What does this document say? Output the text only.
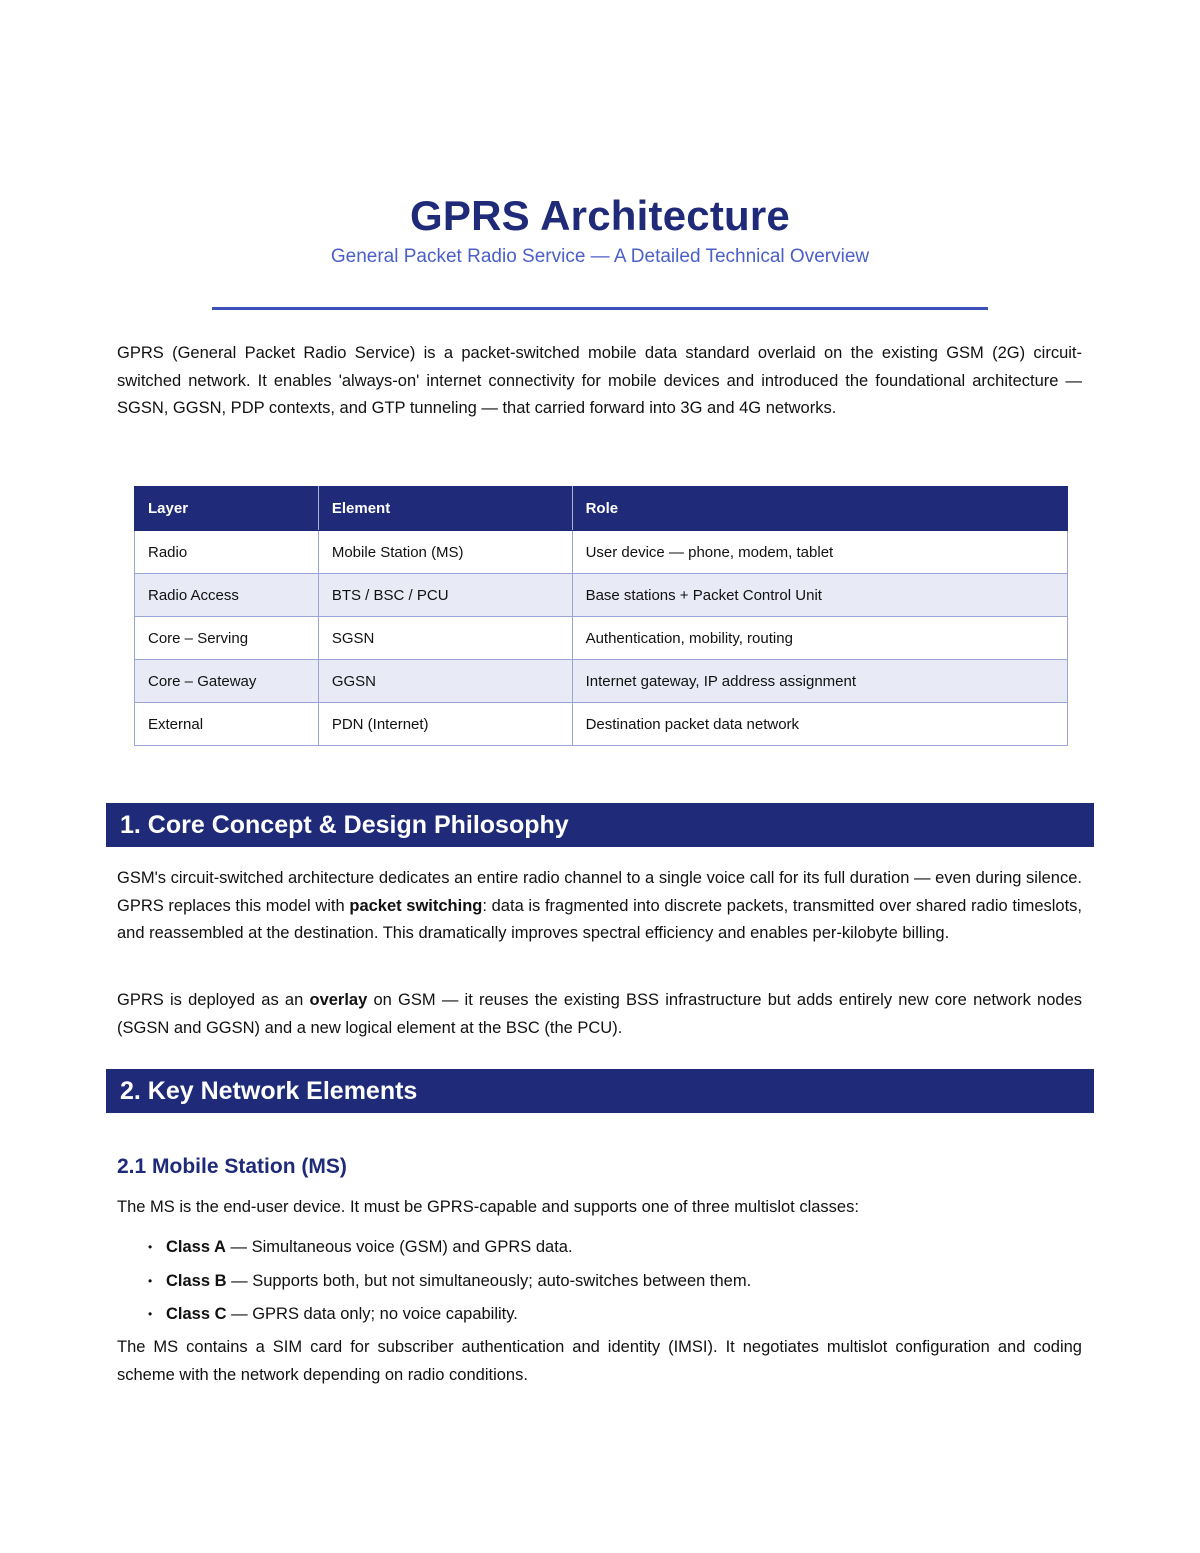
GPRS Architecture
General Packet Radio Service — A Detailed Technical Overview

GPRS (General Packet Radio Service) is a packet-switched mobile data standard overlaid on the existing GSM (2G) circuit-switched network. It enables 'always-on' internet connectivity for mobile devices and introduced the foundational architecture — SGSN, GGSN, PDP contexts, and GTP tunneling — that carried forward into 3G and 4G networks.

Layer	Element	Role
Radio	Mobile Station (MS)	User device — phone, modem, tablet
Radio Access	BTS / BSC / PCU	Base stations + Packet Control Unit
Core – Serving	SGSN	Authentication, mobility, routing
Core – Gateway	GGSN	Internet gateway, IP address assignment
External	PDN (Internet)	Destination packet data network
1. Core Concept & Design Philosophy

GSM's circuit-switched architecture dedicates an entire radio channel to a single voice call for its full duration — even during silence. GPRS replaces this model with packet switching: data is fragmented into discrete packets, transmitted over shared radio timeslots, and reassembled at the destination. This dramatically improves spectral efficiency and enables per-kilobyte billing.

GPRS is deployed as an overlay on GSM — it reuses the existing BSS infrastructure but adds entirely new core network nodes (SGSN and GGSN) and a new logical element at the BSC (the PCU).

2. Key Network Elements
2.1 Mobile Station (MS)

The MS is the end-user device. It must be GPRS-capable and supports one of three multislot classes:

• Class A — Simultaneous voice (GSM) and GPRS data.
• Class B — Supports both, but not simultaneously; auto-switches between them.
• Class C — GPRS data only; no voice capability.

The MS contains a SIM card for subscriber authentication and identity (IMSI). It negotiates multislot configuration and coding scheme with the network depending on radio conditions.
